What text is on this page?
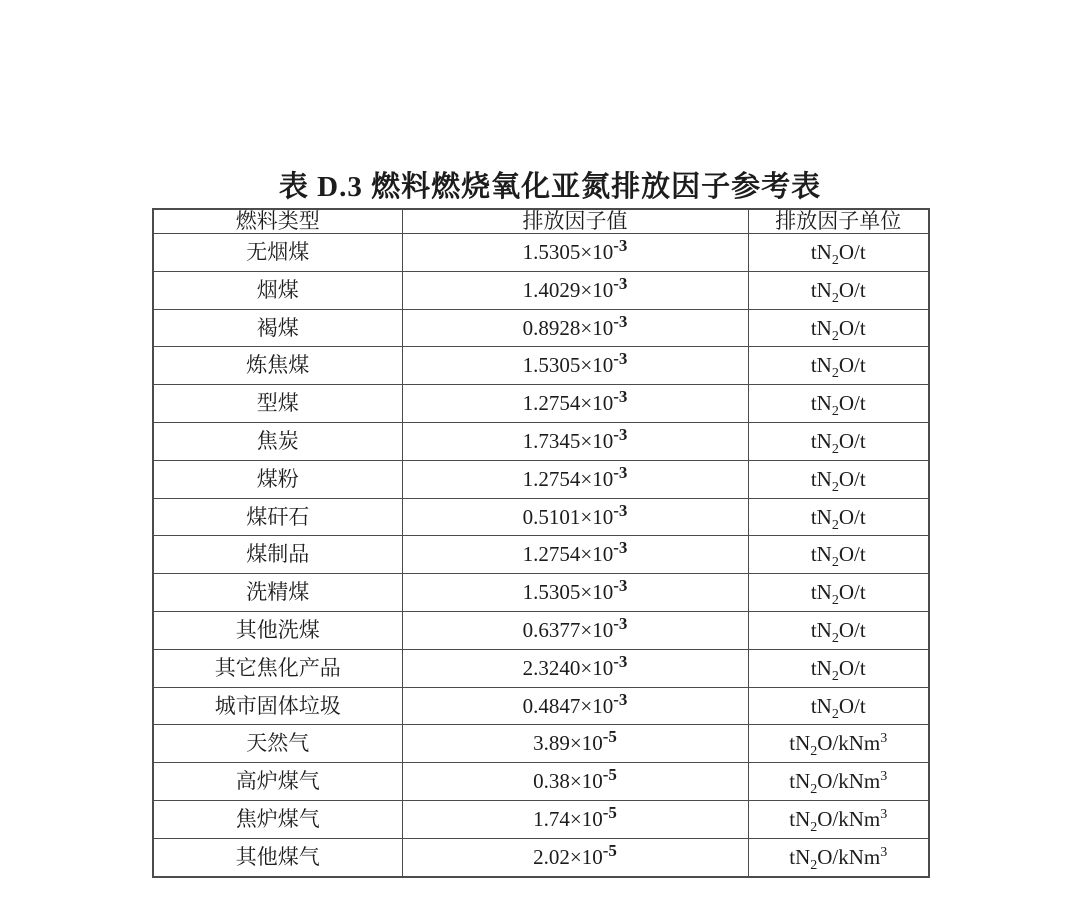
表 D.3 燃料燃烧氧化亚氮排放因子参考表
燃料类型	排放因子值	排放因子单位
无烟煤	$1.5305\times 10^{-3}$	$tN_2O/t$
烟煤	$1.4029\times 10^{-3}$	$tN_2O/t$
褐煤	$0.8928\times 10^{-3}$	$tN_2O/t$
炼焦煤	$1.5305\times 10^{-3}$	$tN_2O/t$
型煤	$1.2754\times 10^{-3}$	$tN_2O/t$
焦炭	$1.7345\times 10^{-3}$	$tN_2O/t$
煤粉	$1.2754\times 10^{-3}$	$tN_2O/t$
煤矸石	$0.5101\times 10^{-3}$	$tN_2O/t$
煤制品	$1.2754\times 10^{-3}$	$tN_2O/t$
洗精煤	$1.5305\times 10^{-3}$	$tN_2O/t$
其他洗煤	$0.6377\times 10^{-3}$	$tN_2O/t$
其它焦化产品	$2.3240\times 10^{-3}$	$tN_2O/t$
城市固体垃圾	$0.4847\times 10^{-3}$	$tN_2O/t$
天然气	$3.89\times 10^{-5}$	$tN_2O/kNm^3$
高炉煤气	$0.38\times 10^{-5}$	$tN_2O/kNm^3$
焦炉煤气	$1.74\times 10^{-5}$	$tN_2O/kNm^3$
其他煤气	$2.02\times 10^{-5}$	$tN_2O/kNm^3$
